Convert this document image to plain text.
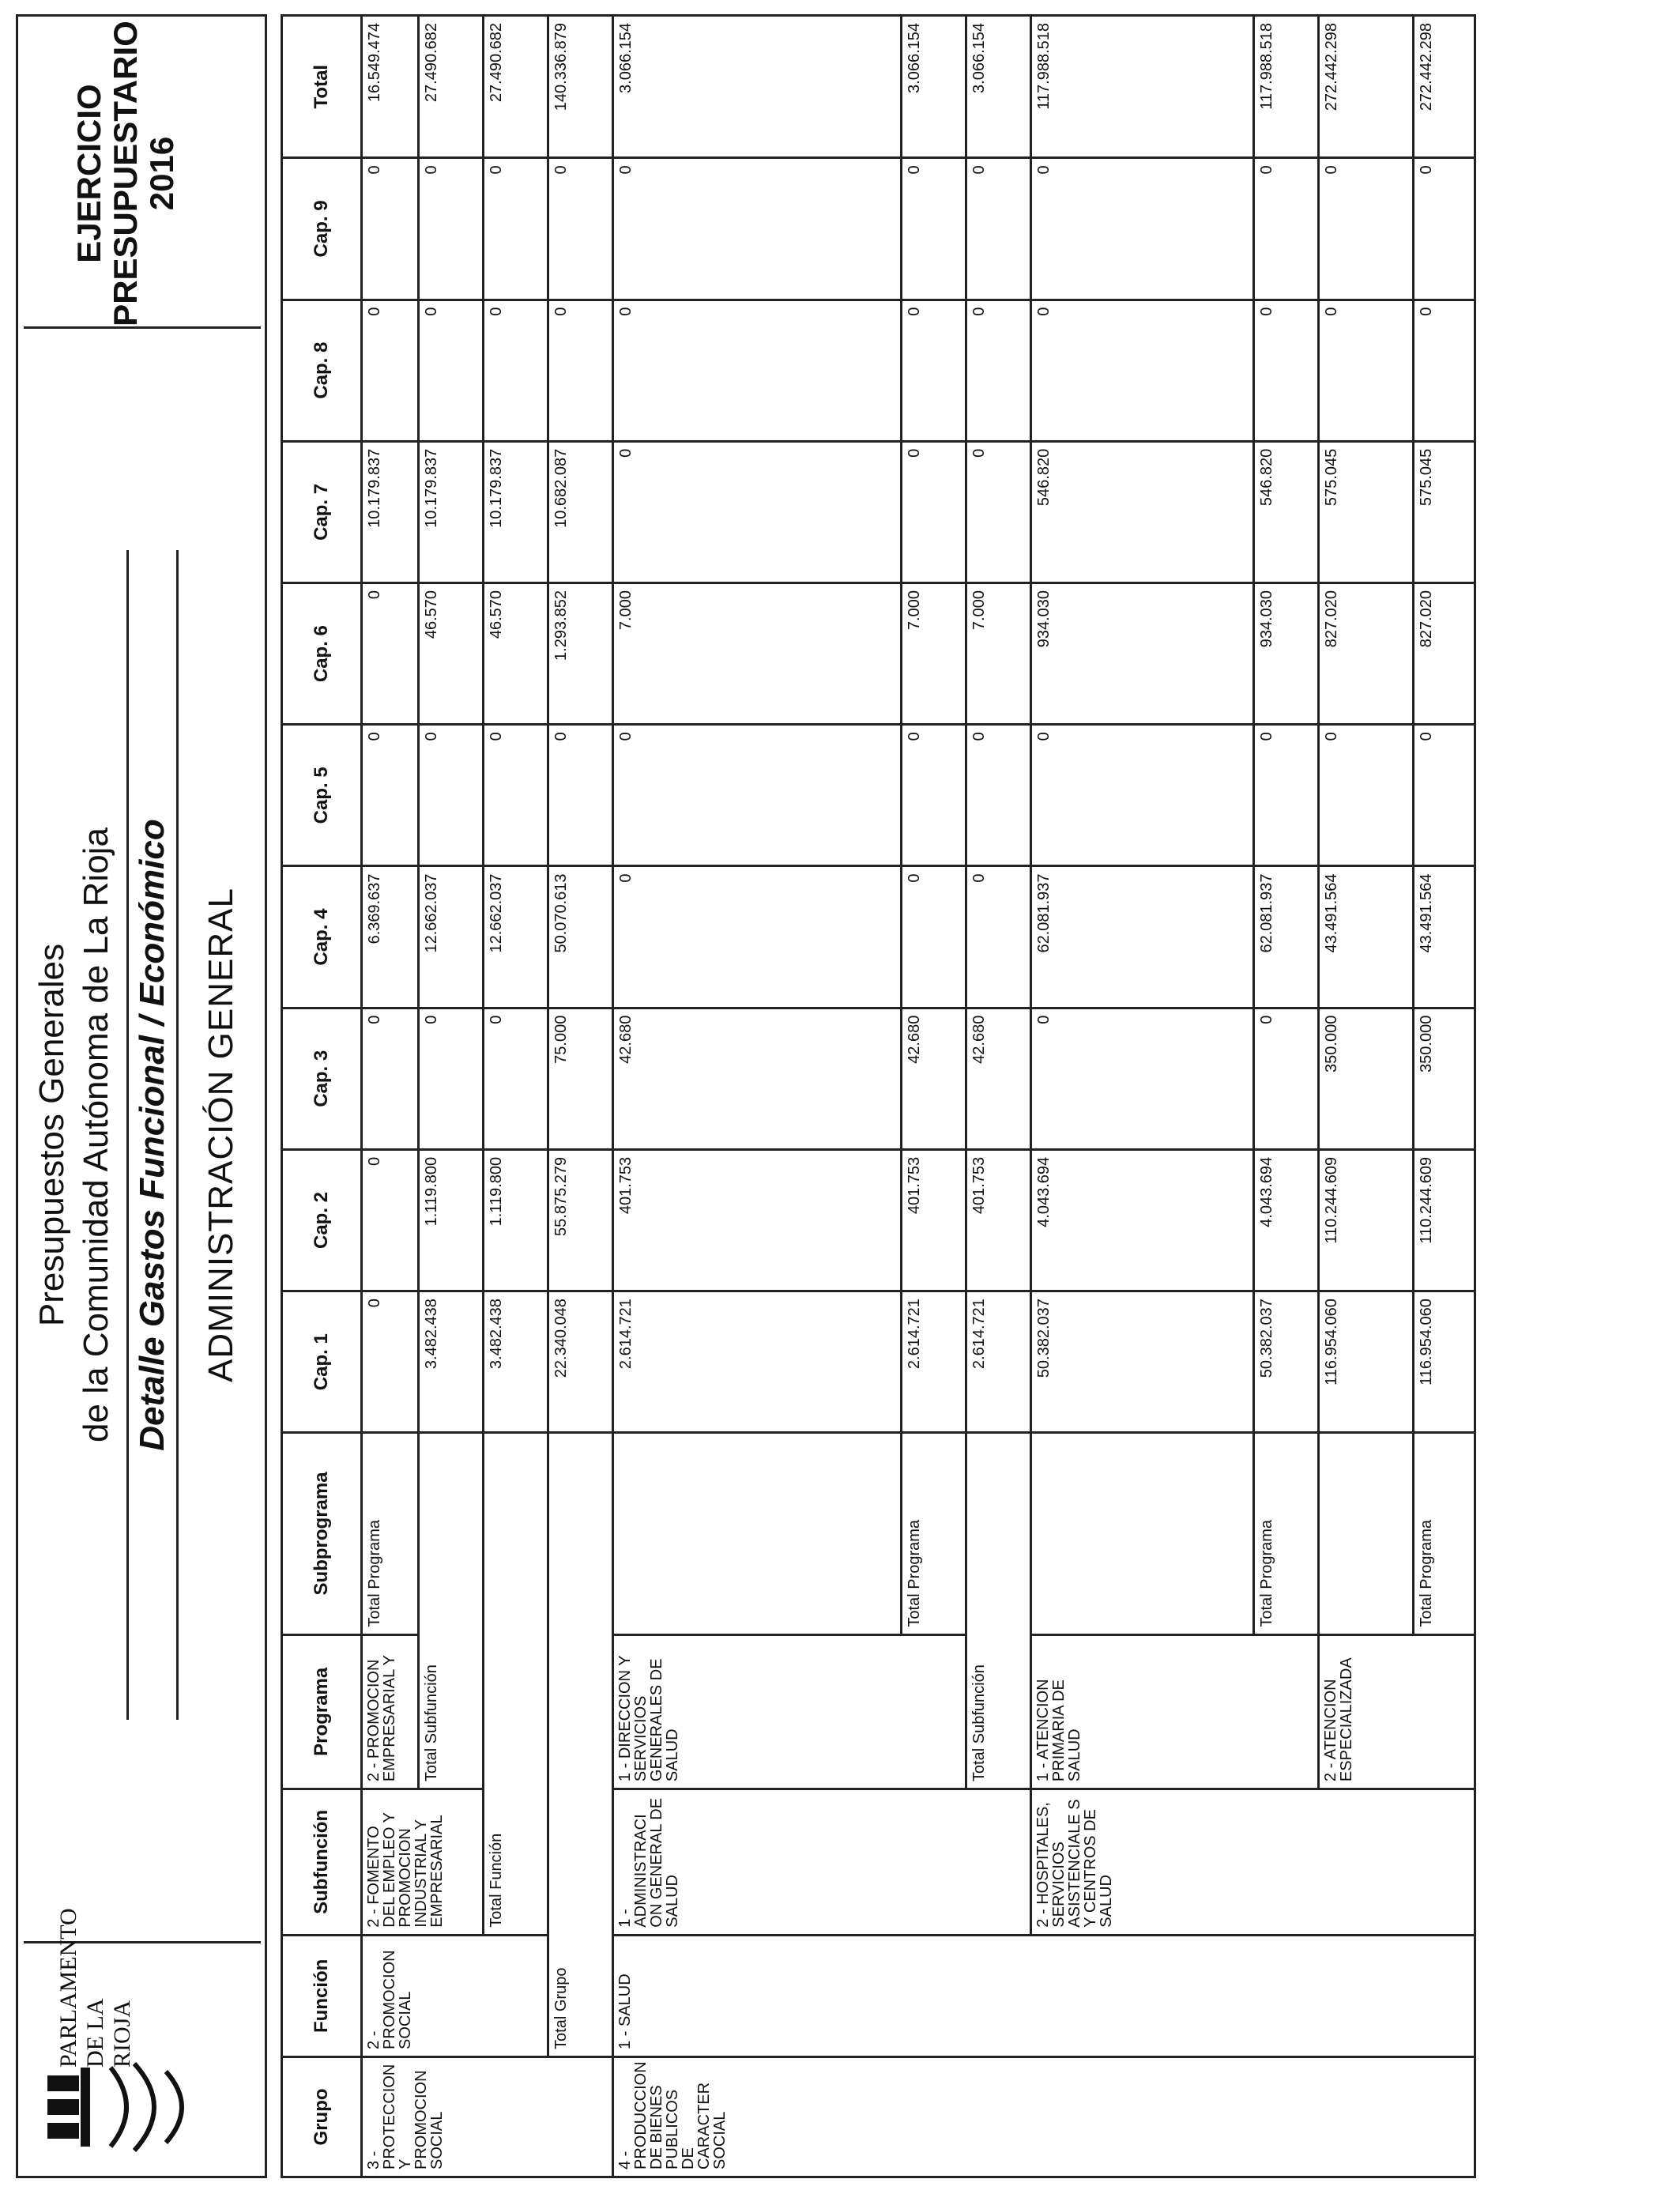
PARLAMENTO DE LA RIOJA
Presupuestos Generales de la Comunidad Autónoma de La Rioja Detalle Gastos Funcional / Económico ADMINISTRACIÓN GENERAL
EJERCICIO PRESUPUESTARIO 2016
Grupo	Función	Subfunción	Programa	Subprograma	Cap. 1	Cap. 2	Cap. 3	Cap. 4	Cap. 5	Cap. 6	Cap. 7	Cap. 8	Cap. 9	Total
3 - PROTECCION Y PROMOCION SOCIAL	2 - PROMOCION SOCIAL	2 - FOMENTO DEL EMPLEO Y PROMOCION INDUSTRIAL Y EMPRESARIAL	2 - PROMOCION EMPRESARIAL Y	Total Programa	0	0	0	6.369.637	0	0	10.179.837	0	0	16.549.474
			Total Subfunción		3.482.438	1.119.800	0	12.662.037	0	46.570	10.179.837	0	0	27.490.682
		Total Función			3.482.438	1.119.800	0	12.662.037	0	46.570	10.179.837	0	0	27.490.682
	Total Grupo				22.340.048	55.875.279	75.000	50.070.613	0	1.293.852	10.682.087	0	0	140.336.879
4 - PRODUCCION DE BIENES PUBLICOS DE CARACTER SOCIAL	1 - SALUD	1 - ADMINISTRACI ON GENERAL DE SALUD	1 - DIRECCION Y SERVICIOS GENERALES DE SALUD		2.614.721	401.753	42.680	0	0	7.000	0	0	0	3.066.154
				Total Programa	2.614.721	401.753	42.680	0	0	7.000	0	0	0	3.066.154
			Total Subfunción		2.614.721	401.753	42.680	0	0	7.000	0	0	0	3.066.154
		2 - HOSPITALES, SERVICIOS ASISTENCIALE S Y CENTROS DE SALUD	1 - ATENCION PRIMARIA DE SALUD		50.382.037	4.043.694	0	62.081.937	0	934.030	546.820	0	0	117.988.518
				Total Programa	50.382.037	4.043.694	0	62.081.937	0	934.030	546.820	0	0	117.988.518
			2 - ATENCION ESPECIALIZADA		116.954.060	110.244.609	350.000	43.491.564	0	827.020	575.045	0	0	272.442.298
				Total Programa	116.954.060	110.244.609	350.000	43.491.564	0	827.020	575.045	0	0	272.442.298
